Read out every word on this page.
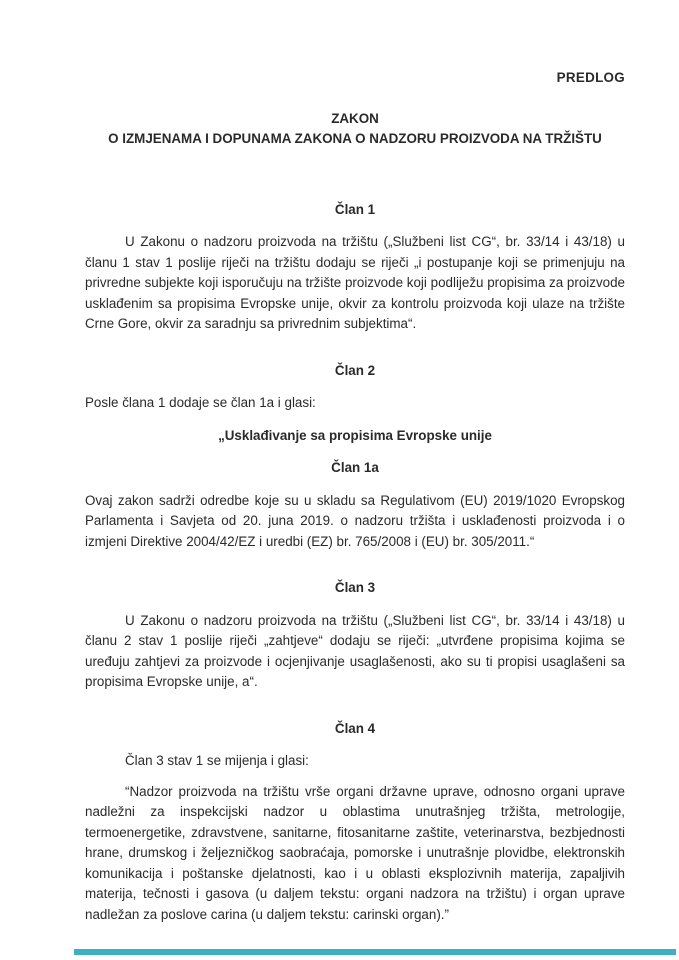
PREDLOG
ZAKON
O IZMJENAMA I DOPUNAMA ZAKONA O NADZORU PROIZVODA NA TRŽIŠTU
Član 1

U Zakonu o nadzoru proizvoda na tržištu („Službeni list CG“, br. 33/14 i 43/18) u članu 1 stav 1 poslije riječi na tržištu dodaju se riječi „i postupanje koji se primenjuju na privredne subjekte koji isporučuju na tržište proizvode koji podliježu propisima za proizvode usklađenim sa propisima Evropske unije, okvir za kontrolu proizvoda koji ulaze na tržište Crne Gore, okvir za saradnju sa privrednim subjektima“.

Član 2

Posle člana 1 dodaje se član 1a i glasi:

„Usklađivanje sa propisima Evropske unije
Član 1a

Ovaj zakon sadrži odredbe koje su u skladu sa Regulativom (EU) 2019/1020 Evropskog Parlamenta i Savjeta od 20. juna 2019. o nadzoru tržišta i usklađenosti proizvoda i o izmjeni Direktive 2004/42/EZ i uredbi (EZ) br. 765/2008 i (EU) br. 305/2011.“

Član 3

U Zakonu o nadzoru proizvoda na tržištu („Službeni list CG“, br. 33/14 i 43/18) u članu 2 stav 1 poslije riječi „zahtjeve“ dodaju se riječi: „utvrđene propisima kojima se uređuju zahtjevi za proizvode i ocjenjivanje usaglašenosti, ako su ti propisi usaglašeni sa propisima Evropske unije, a“.

Član 4

Član 3 stav 1 se mijenja i glasi:

“Nadzor proizvoda na tržištu vrše organi državne uprave, odnosno organi uprave nadležni za inspekcijski nadzor u oblastima unutrašnjeg tržišta, metrologije, termoenergetike, zdravstvene, sanitarne, fitosanitarne zaštite, veterinarstva, bezbjednosti hrane, drumskog i željezničkog saobraćaja, pomorske i unutrašnje plovidbe, elektronskih komunikacija i poštanske djelatnosti, kao i u oblasti eksplozivnih materija, zapaljivih materija, tečnosti i gasova (u daljem tekstu: organi nadzora na tržištu) i organ uprave nadležan za poslove carina (u daljem tekstu: carinski organ).”
